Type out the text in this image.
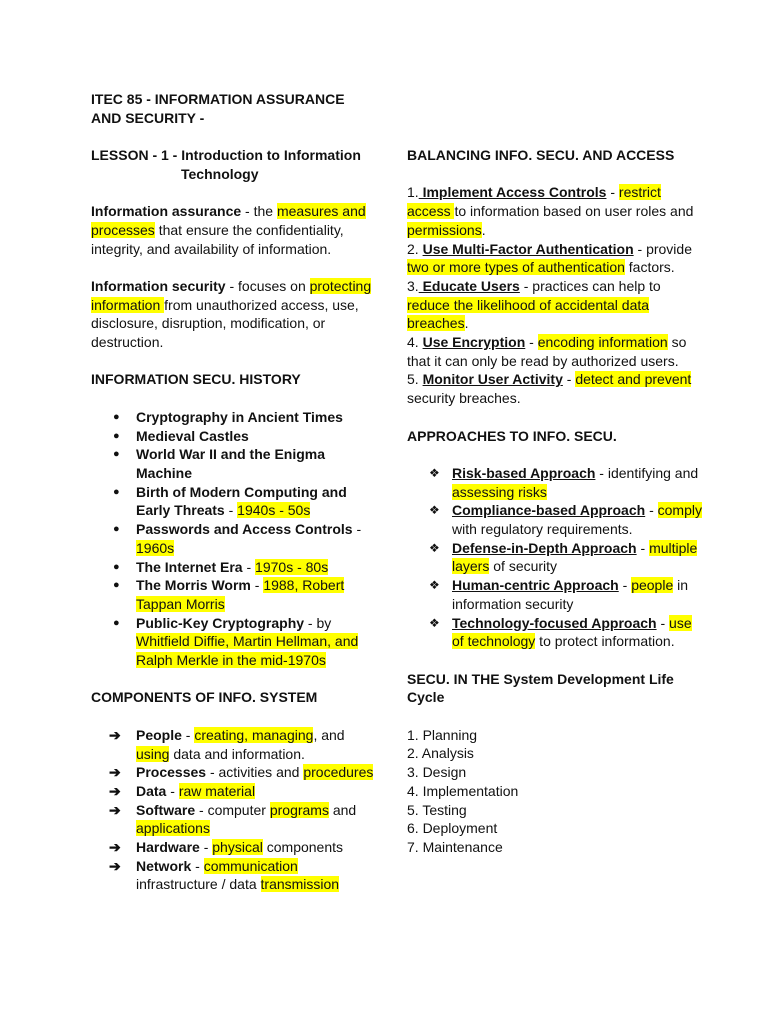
ITEC 85 - INFORMATION ASSURANCE AND SECURITY -

LESSON - 1 - Introduction to Information
Technology

Information assurance - the measures and processes that ensure the confidentiality, integrity, and availability of information.

Information security - focuses on protecting information from unauthorized access, use, disclosure, disruption, modification, or destruction.

INFORMATION SECU. HISTORY

● Cryptography in Ancient Times
● Medieval Castles
● World War II and the Enigma Machine
● Birth of Modern Computing and Early Threats - 1940s - 50s
● Passwords and Access Controls - 1960s
● The Internet Era - 1970s - 80s
● The Morris Worm - 1988, Robert Tappan Morris
● Public-Key Cryptography - by Whitfield Diffie, Martin Hellman, and Ralph Merkle in the mid-1970s

COMPONENTS OF INFO. SYSTEM

➔ People - creating, managing, and using data and information.
➔ Processes - activities and procedures
➔ Data - raw material
➔ Software - computer programs and applications
➔ Hardware - physical components
➔ Network - communication infrastructure / data transmission

BALANCING INFO. SECU. AND ACCESS

1. Implement Access Controls - restrict access to information based on user roles and permissions.

2. Use Multi-Factor Authentication - provide two or more types of authentication factors.

3. Educate Users - practices can help to reduce the likelihood of accidental data breaches.

4. Use Encryption - encoding information so that it can only be read by authorized users.

5. Monitor User Activity - detect and prevent security breaches.

APPROACHES TO INFO. SECU.

❖ Risk-based Approach - identifying and assessing risks
❖ Compliance-based Approach - comply with regulatory requirements.
❖ Defense-in-Depth Approach - multiple layers of security
❖ Human-centric Approach - people in information security
❖ Technology-focused Approach - use of technology to protect information.

SECU. IN THE System Development Life Cycle

1. Planning

2. Analysis

3. Design

4. Implementation

5. Testing

6. Deployment

7. Maintenance
